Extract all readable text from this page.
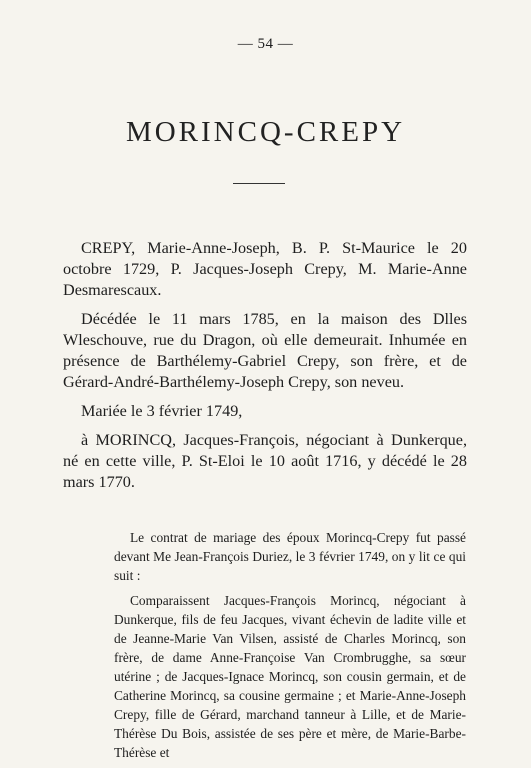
— 54 —
MORINCQ-CREPY

CREPY, Marie-Anne-Joseph, B. P. St-Maurice le 20 octobre 1729, P. Jacques-Joseph Crepy, M. Marie-Anne Desmarescaux.

Décédée le 11 mars 1785, en la maison des Dlles Wleschouve, rue du Dragon, où elle demeurait. Inhumée en présence de Barthélemy-Gabriel Crepy, son frère, et de Gérard-André-Barthélemy-Joseph Crepy, son neveu.

Mariée le 3 février 1749,

à MORINCQ, Jacques-François, négociant à Dunkerque, né en cette ville, P. St-Eloi le 10 août 1716, y décédé le 28 mars 1770.

Le contrat de mariage des époux Morincq-Crepy fut passé devant Me Jean-François Duriez, le 3 février 1749, on y lit ce qui suit :

Comparaissent Jacques-François Morincq, négociant à Dunkerque, fils de feu Jacques, vivant échevin de ladite ville et de Jeanne-Marie Van Vilsen, assisté de Charles Morincq, son frère, de dame Anne-Françoise Van Crombrugghe, sa sœur utérine ; de Jacques-Ignace Morincq, son cousin germain, et de Catherine Morincq, sa cousine germaine ; et Marie-Anne-Joseph Crepy, fille de Gérard, marchand tanneur à Lille, et de Marie-Thérèse Du Bois, assistée de ses père et mère, de Marie-Barbe-Thérèse et
